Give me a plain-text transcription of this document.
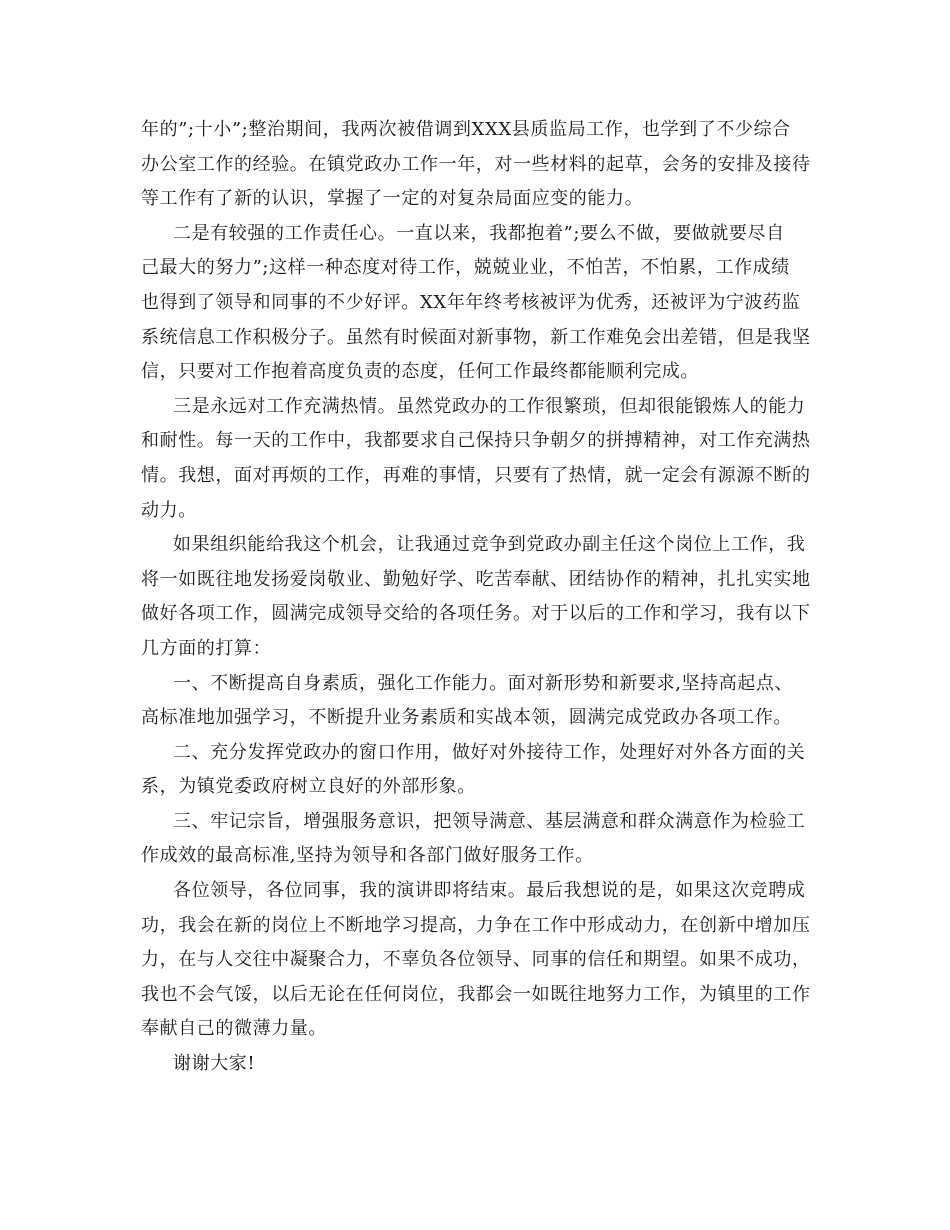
年的”;十小”;整治期间，我两次被借调到XXX县质监局工作，也学到了不少综合
办公室工作的经验。在镇党政办工作一年，对一些材料的起草，会务的安排及接待
等工作有了新的认识，掌握了一定的对复杂局面应变的能力。
二是有较强的工作责任心。一直以来，我都抱着”;要么不做，要做就要尽自
己最大的努力”;这样一种态度对待工作，兢兢业业，不怕苦，不怕累，工作成绩
也得到了领导和同事的不少好评。XX年年终考核被评为优秀，还被评为宁波药监
系统信息工作积极分子。虽然有时候面对新事物，新工作难免会出差错，但是我坚
信，只要对工作抱着高度负责的态度，任何工作最终都能顺利完成。
三是永远对工作充满热情。虽然党政办的工作很繁琐，但却很能锻炼人的能力
和耐性。每一天的工作中，我都要求自己保持只争朝夕的拼搏精神，对工作充满热
情。我想，面对再烦的工作，再难的事情，只要有了热情，就一定会有源源不断的
动力。
如果组织能给我这个机会，让我通过竞争到党政办副主任这个岗位上工作，我
将一如既往地发扬爱岗敬业、勤勉好学、吃苦奉献、团结协作的精神，扎扎实实地
做好各项工作，圆满完成领导交给的各项任务。对于以后的工作和学习，我有以下
几方面的打算：
一、不断提高自身素质，强化工作能力。面对新形势和新要求,坚持高起点、
高标准地加强学习，不断提升业务素质和实战本领，圆满完成党政办各项工作。
二、充分发挥党政办的窗口作用，做好对外接待工作，处理好对外各方面的关
系，为镇党委政府树立良好的外部形象。
三、牢记宗旨，增强服务意识，把领导满意、基层满意和群众满意作为检验工
作成效的最高标准,坚持为领导和各部门做好服务工作。
各位领导，各位同事，我的演讲即将结束。最后我想说的是，如果这次竞聘成
功，我会在新的岗位上不断地学习提高，力争在工作中形成动力，在创新中增加压
力，在与人交往中凝聚合力，不辜负各位领导、同事的信任和期望。如果不成功，
我也不会气馁，以后无论在任何岗位，我都会一如既往地努力工作，为镇里的工作
奉献自己的微薄力量。
谢谢大家!
